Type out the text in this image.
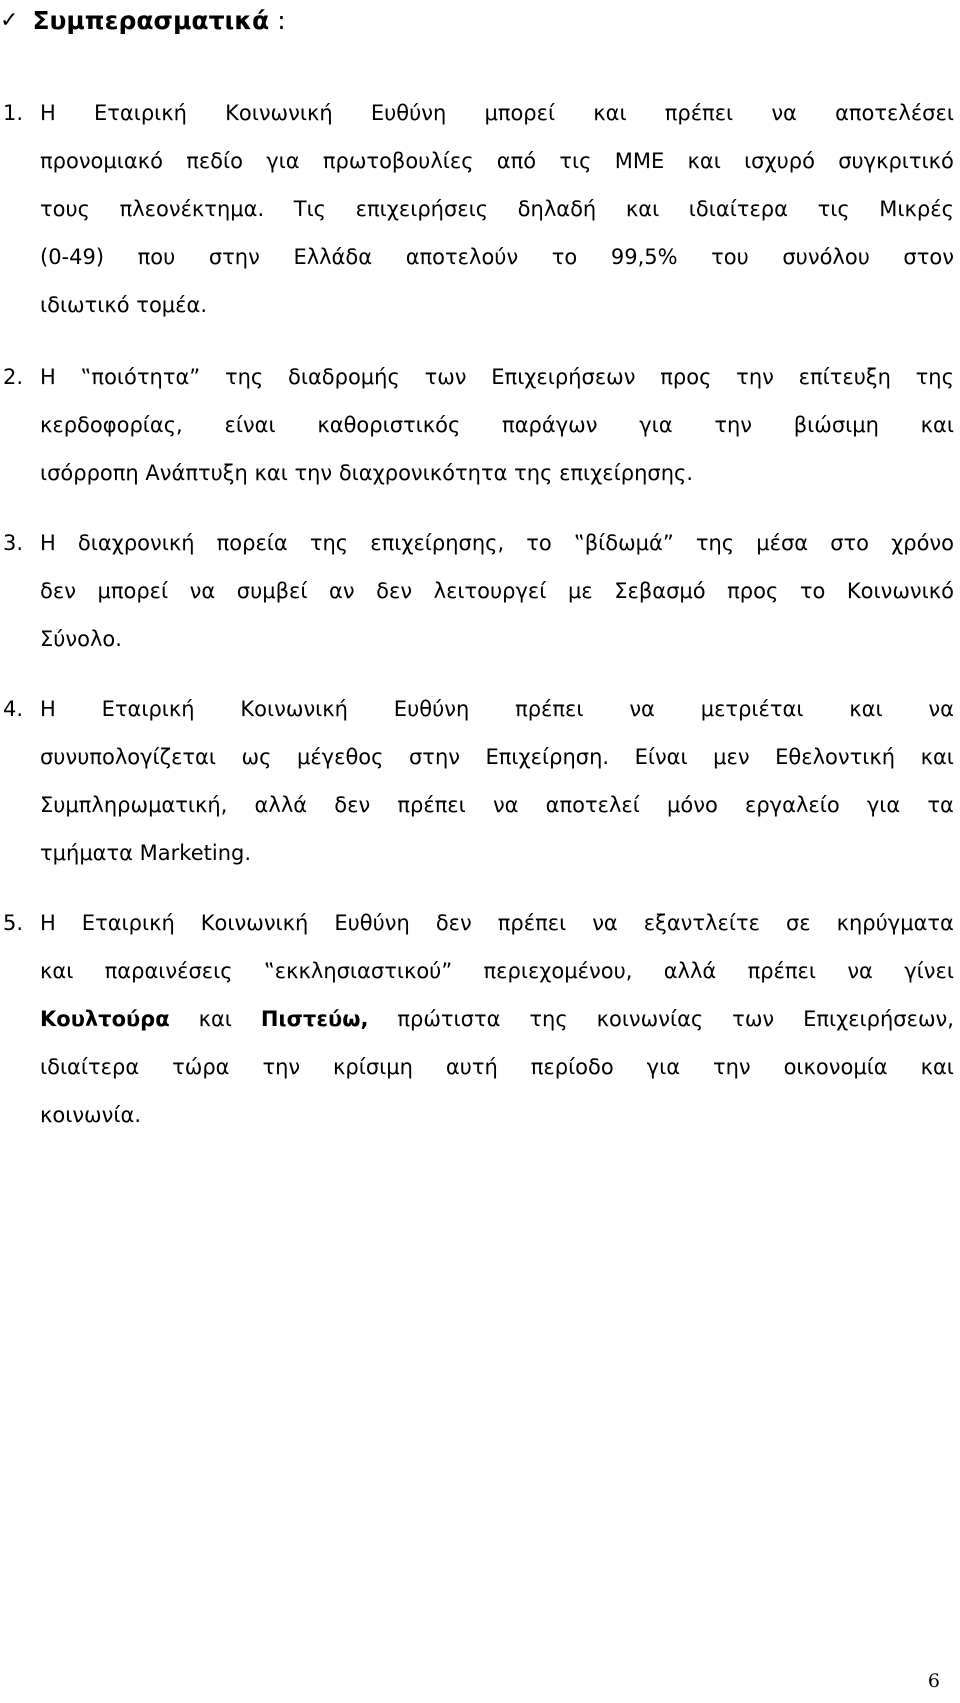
✓ Συμπερασματικά :
1. Η Εταιρική Κοινωνική Ευθύνη μπορεί και πρέπει να αποτελέσει
προνομιακό πεδίο για πρωτοβουλίες από τις ΜΜΕ και ισχυρό συγκριτικό
τους πλεονέκτημα. Τις επιχειρήσεις δηλαδή και ιδιαίτερα τις Μικρές
(0-49) που στην Ελλάδα αποτελούν το 99,5% του συνόλου στον
ιδιωτικό τομέα.
2. Η ‟ποιότητα” της διαδρομής των Επιχειρήσεων προς την επίτευξη της
κερδοφορίας, είναι καθοριστικός παράγων για την βιώσιμη και
ισόρροπη Ανάπτυξη και την διαχρονικότητα της επιχείρησης.
3. Η διαχρονική πορεία της επιχείρησης, το ‟βίδωμά” της μέσα στο χρόνο
δεν μπορεί να συμβεί αν δεν λειτουργεί με Σεβασμό προς το Κοινωνικό
Σύνολο.
4. Η Εταιρική Κοινωνική Ευθύνη πρέπει να μετριέται και να
συνυπολογίζεται ως μέγεθος στην Επιχείρηση. Είναι μεν Εθελοντική και
Συμπληρωματική, αλλά δεν πρέπει να αποτελεί μόνο εργαλείο για τα
τμήματα Marketing.
5. Η Εταιρική Κοινωνική Ευθύνη δεν πρέπει να εξαντλείτε σε κηρύγματα
και παραινέσεις ‟εκκλησιαστικού” περιεχομένου, αλλά πρέπει να γίνει
Κουλτούρα και Πιστεύω, πρώτιστα της κοινωνίας των Επιχειρήσεων,
ιδιαίτερα τώρα την κρίσιμη αυτή περίοδο για την οικονομία και
κοινωνία.
6
